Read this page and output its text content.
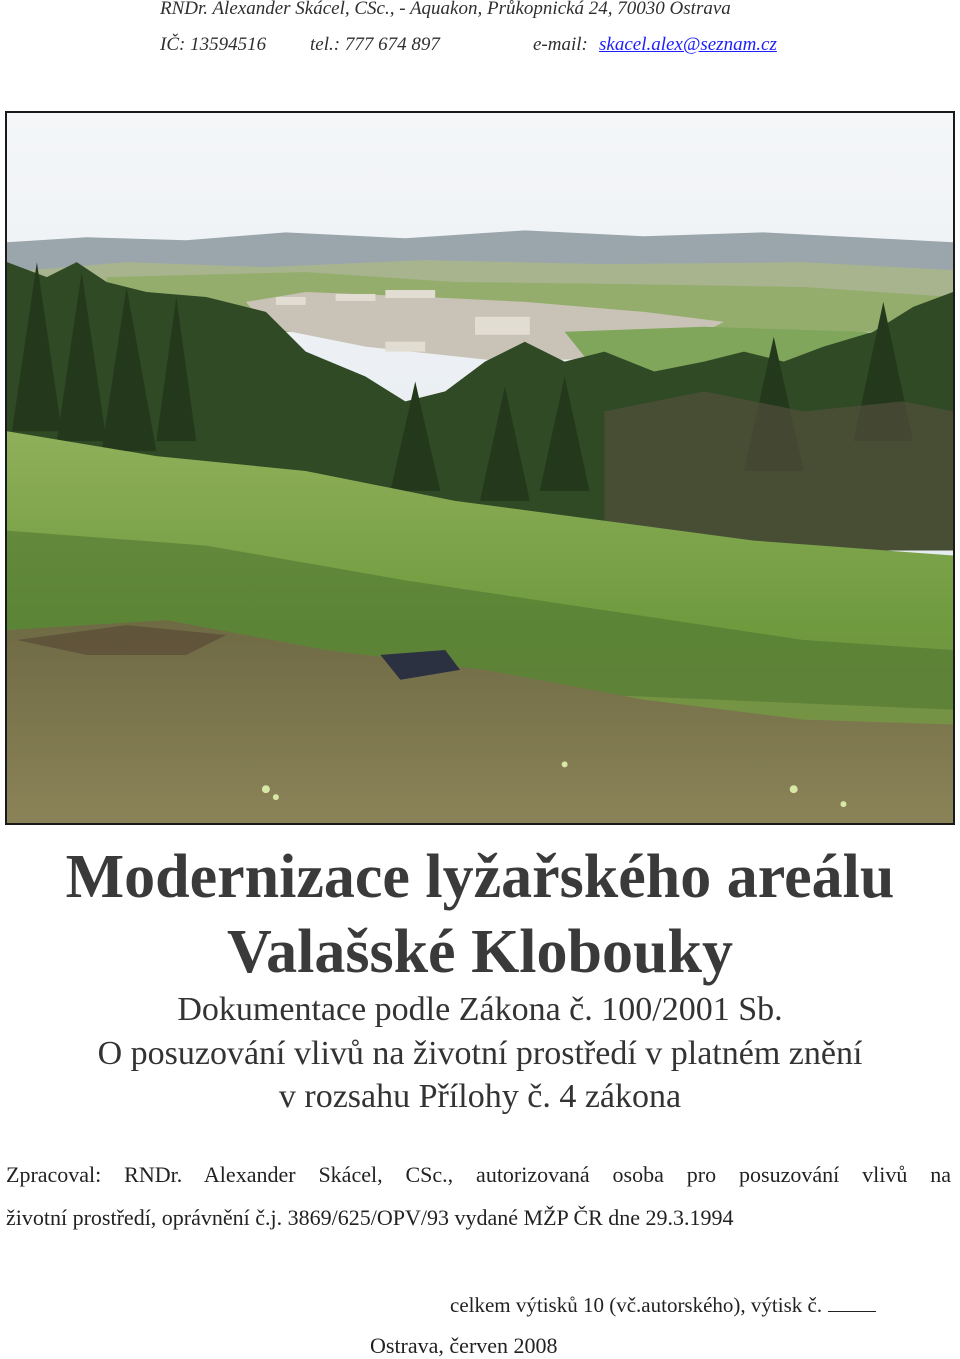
RNDr. Alexander Skácel, CSc., - Aquakon, Průkopnická 24, 70030 Ostrava
IČ: 13594516 tel.: 777 674 897	e-mail: skacel.alex@seznam.cz
Modernizace lyžařského areálu
Valašské Klobouky
Dokumentace podle Zákona č. 100/2001 Sb.
O posuzování vlivů na životní prostředí v platném znění
v rozsahu Přílohy č. 4 zákona
Zpracoval: RNDr. Alexander Skácel, CSc., autorizovaná osoba pro posuzování vlivů na
životní prostředí, oprávnění č.j. 3869/625/OPV/93 vydané MŽP ČR dne 29.3.1994
celkem výtisků 10 (vč.autorského), výtisk č.
Ostrava, červen 2008
